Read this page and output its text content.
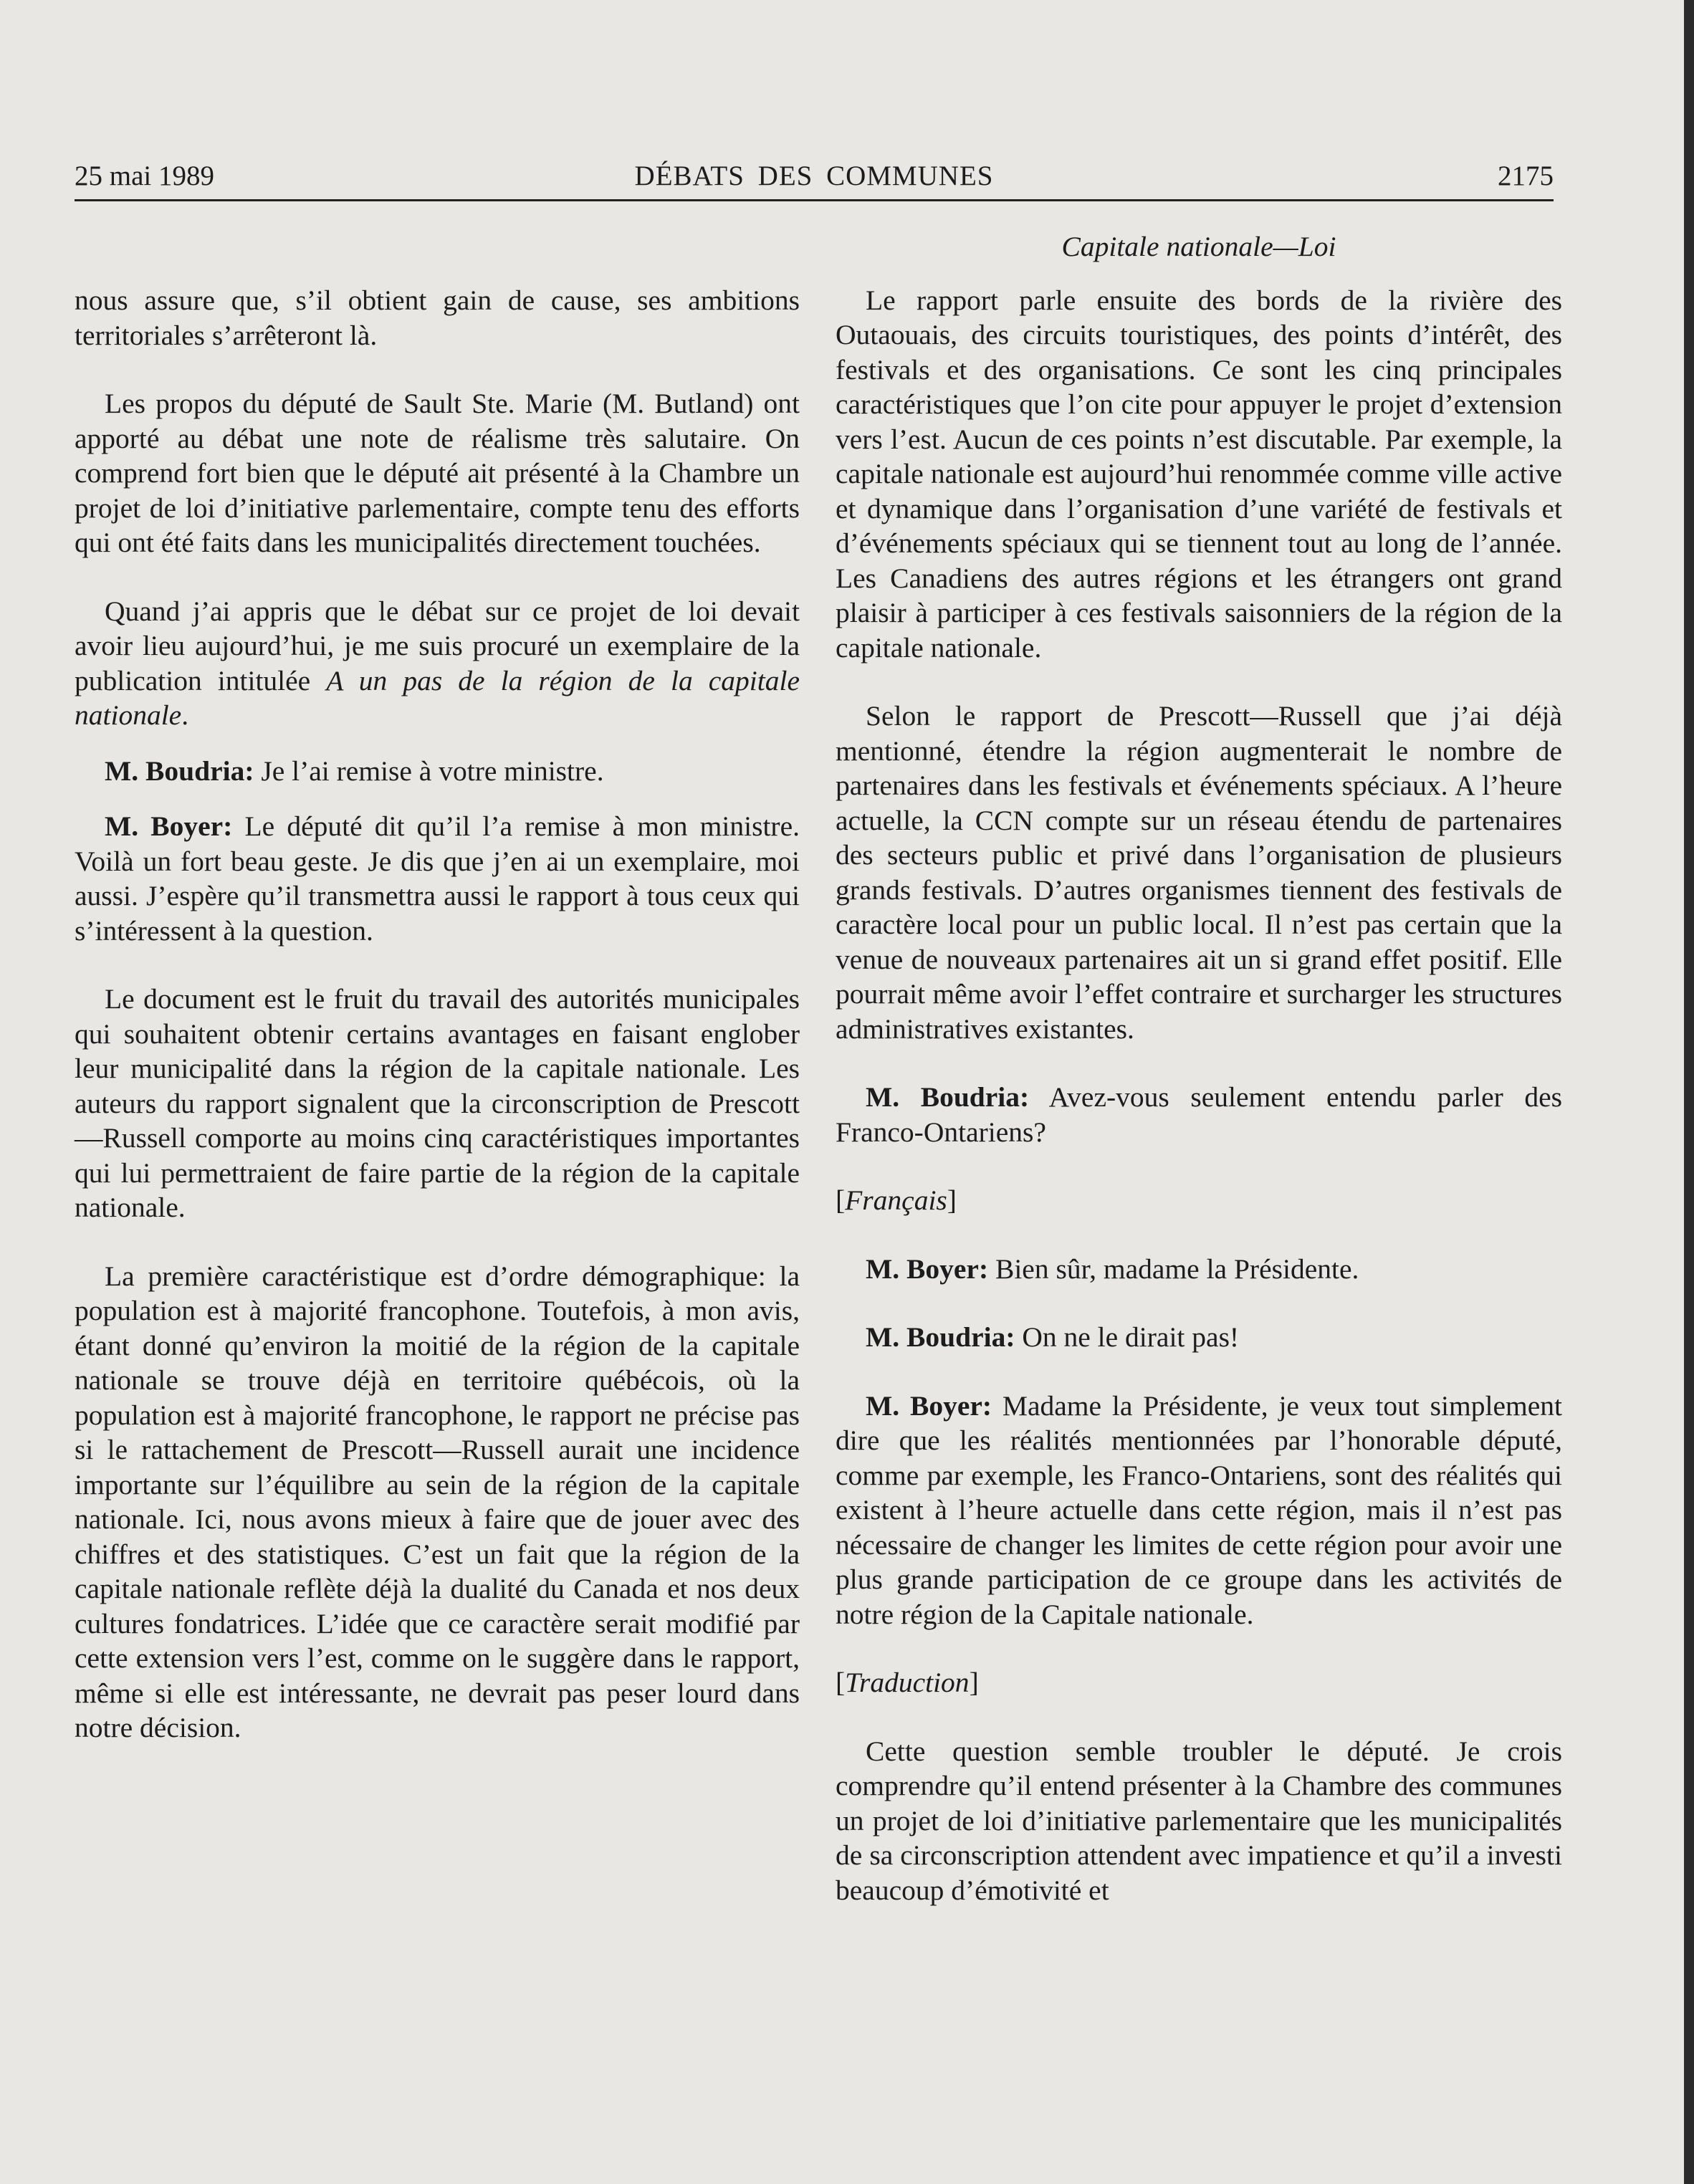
25 mai 1989	DÉBATS DES COMMUNES	2175

nous assure que, s’il obtient gain de cause, ses ambitions territoriales s’arrêteront là.

Les propos du député de Sault Ste. Marie (M. Butland) ont apporté au débat une note de réalisme très salutaire. On comprend fort bien que le député ait présenté à la Chambre un projet de loi d’initiative parlementaire, compte tenu des efforts qui ont été faits dans les municipalités directement touchées.

Quand j’ai appris que le débat sur ce projet de loi devait avoir lieu aujourd’hui, je me suis procuré un exemplaire de la publication intitulée A un pas de la région de la capitale nationale.

M. Boudria: Je l’ai remise à votre ministre.

M. Boyer: Le député dit qu’il l’a remise à mon ministre. Voilà un fort beau geste. Je dis que j’en ai un exemplaire, moi aussi. J’espère qu’il transmettra aussi le rapport à tous ceux qui s’intéressent à la question.

Le document est le fruit du travail des autorités municipales qui souhaitent obtenir certains avantages en faisant englober leur municipalité dans la région de la capitale nationale. Les auteurs du rapport signalent que la circonscription de Prescott—Russell comporte au moins cinq caractéristiques importantes qui lui permettraient de faire partie de la région de la capitale nationale.

La première caractéristique est d’ordre démographique: la population est à majorité francophone. Toutefois, à mon avis, étant donné qu’environ la moitié de la région de la capitale nationale se trouve déjà en territoire québécois, où la population est à majorité francophone, le rapport ne précise pas si le rattachement de Prescott—Russell aurait une incidence importante sur l’équilibre au sein de la région de la capitale nationale. Ici, nous avons mieux à faire que de jouer avec des chiffres et des statistiques. C’est un fait que la région de la capitale nationale reflète déjà la dualité du Canada et nos deux cultures fondatrices. L’idée que ce caractère serait modifié par cette extension vers l’est, comme on le suggère dans le rapport, même si elle est intéressante, ne devrait pas peser lourd dans notre décision.

Capitale nationale—Loi

Le rapport parle ensuite des bords de la rivière des Outaouais, des circuits touristiques, des points d’intérêt, des festivals et des organisations. Ce sont les cinq principales caractéristiques que l’on cite pour appuyer le projet d’extension vers l’est. Aucun de ces points n’est discutable. Par exemple, la capitale nationale est aujourd’hui renommée comme ville active et dynamique dans l’organisation d’une variété de festivals et d’événements spéciaux qui se tiennent tout au long de l’année. Les Canadiens des autres régions et les étrangers ont grand plaisir à participer à ces festivals saisonniers de la région de la capitale nationale.

Selon le rapport de Prescott—Russell que j’ai déjà mentionné, étendre la région augmenterait le nombre de partenaires dans les festivals et événements spéciaux. A l’heure actuelle, la CCN compte sur un réseau étendu de partenaires des secteurs public et privé dans l’organisation de plusieurs grands festivals. D’autres organismes tiennent des festivals de caractère local pour un public local. Il n’est pas certain que la venue de nouveaux partenaires ait un si grand effet positif. Elle pourrait même avoir l’effet contraire et surcharger les structures administratives existantes.

M. Boudria: Avez-vous seulement entendu parler des Franco-Ontariens?

[Français]

M. Boyer: Bien sûr, madame la Présidente.

M. Boudria: On ne le dirait pas!

M. Boyer: Madame la Présidente, je veux tout simplement dire que les réalités mentionnées par l’honorable député, comme par exemple, les Franco-Ontariens, sont des réalités qui existent à l’heure actuelle dans cette région, mais il n’est pas nécessaire de changer les limites de cette région pour avoir une plus grande participation de ce groupe dans les activités de notre région de la Capitale nationale.

[Traduction]

Cette question semble troubler le député. Je crois comprendre qu’il entend présenter à la Chambre des communes un projet de loi d’initiative parlementaire que les municipalités de sa circonscription attendent avec impatience et qu’il a investi beaucoup d’émotivité et
